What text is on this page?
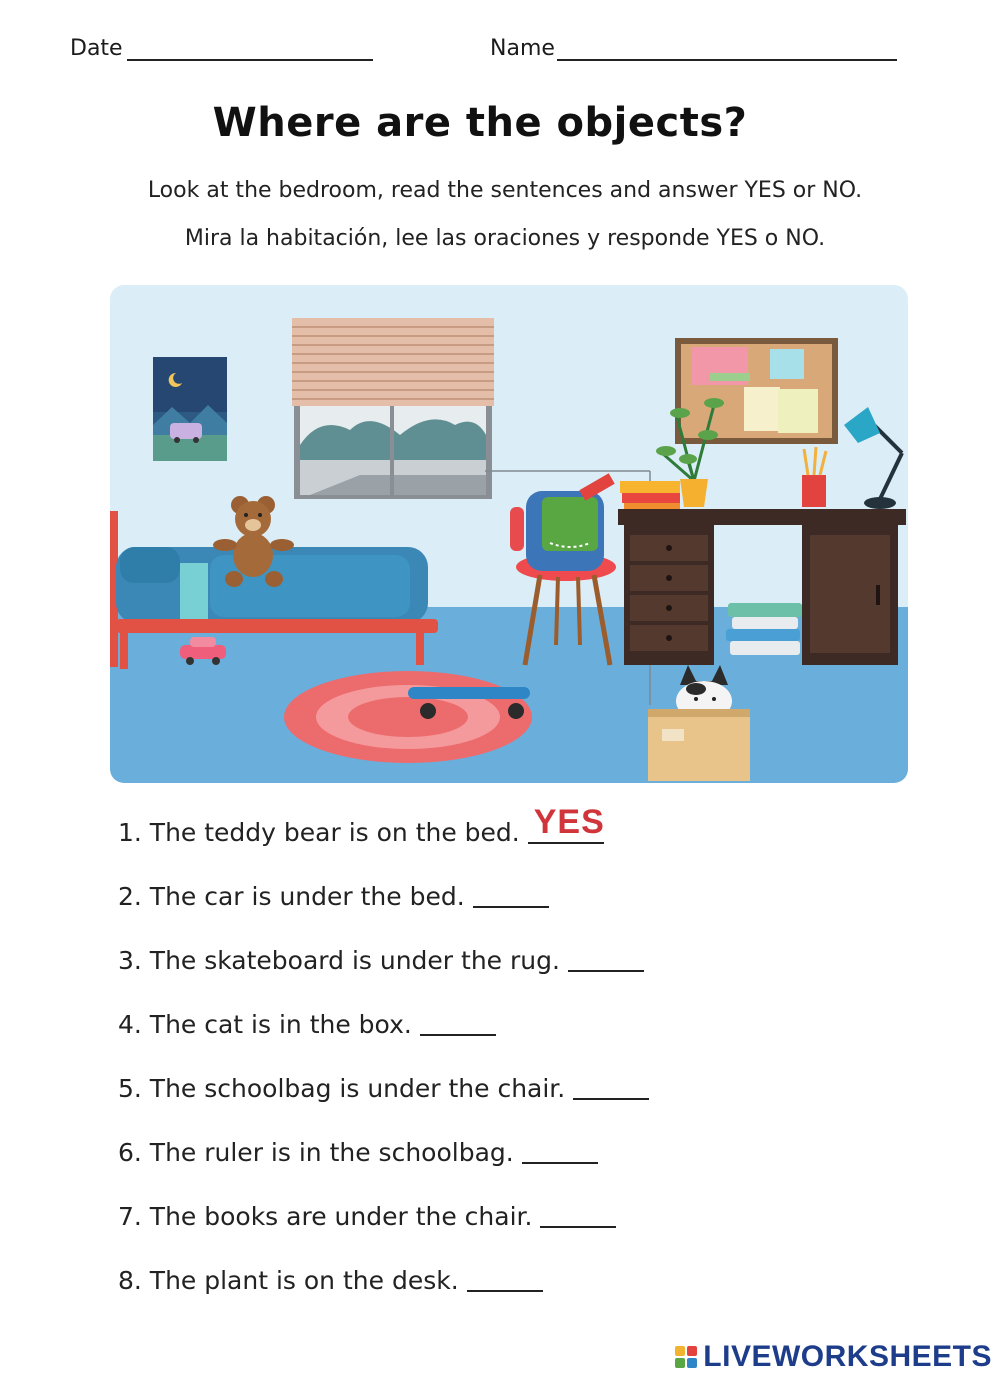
Date	Name
Where are the objects?
Look at the bedroom, read the sentences and answer YES or NO.
Mira la habitación, lee las oraciones y responde YES o NO.
1. The teddy bear is on the bed. YES
2. The car is under the bed.
3. The skateboard is under the rug.
4. The cat is in the box.
5. The schoolbag is under the chair.
6. The ruler is in the schoolbag.
7. The books are under the chair.
8. The plant is on the desk.
LIVEWORKSHEETS
